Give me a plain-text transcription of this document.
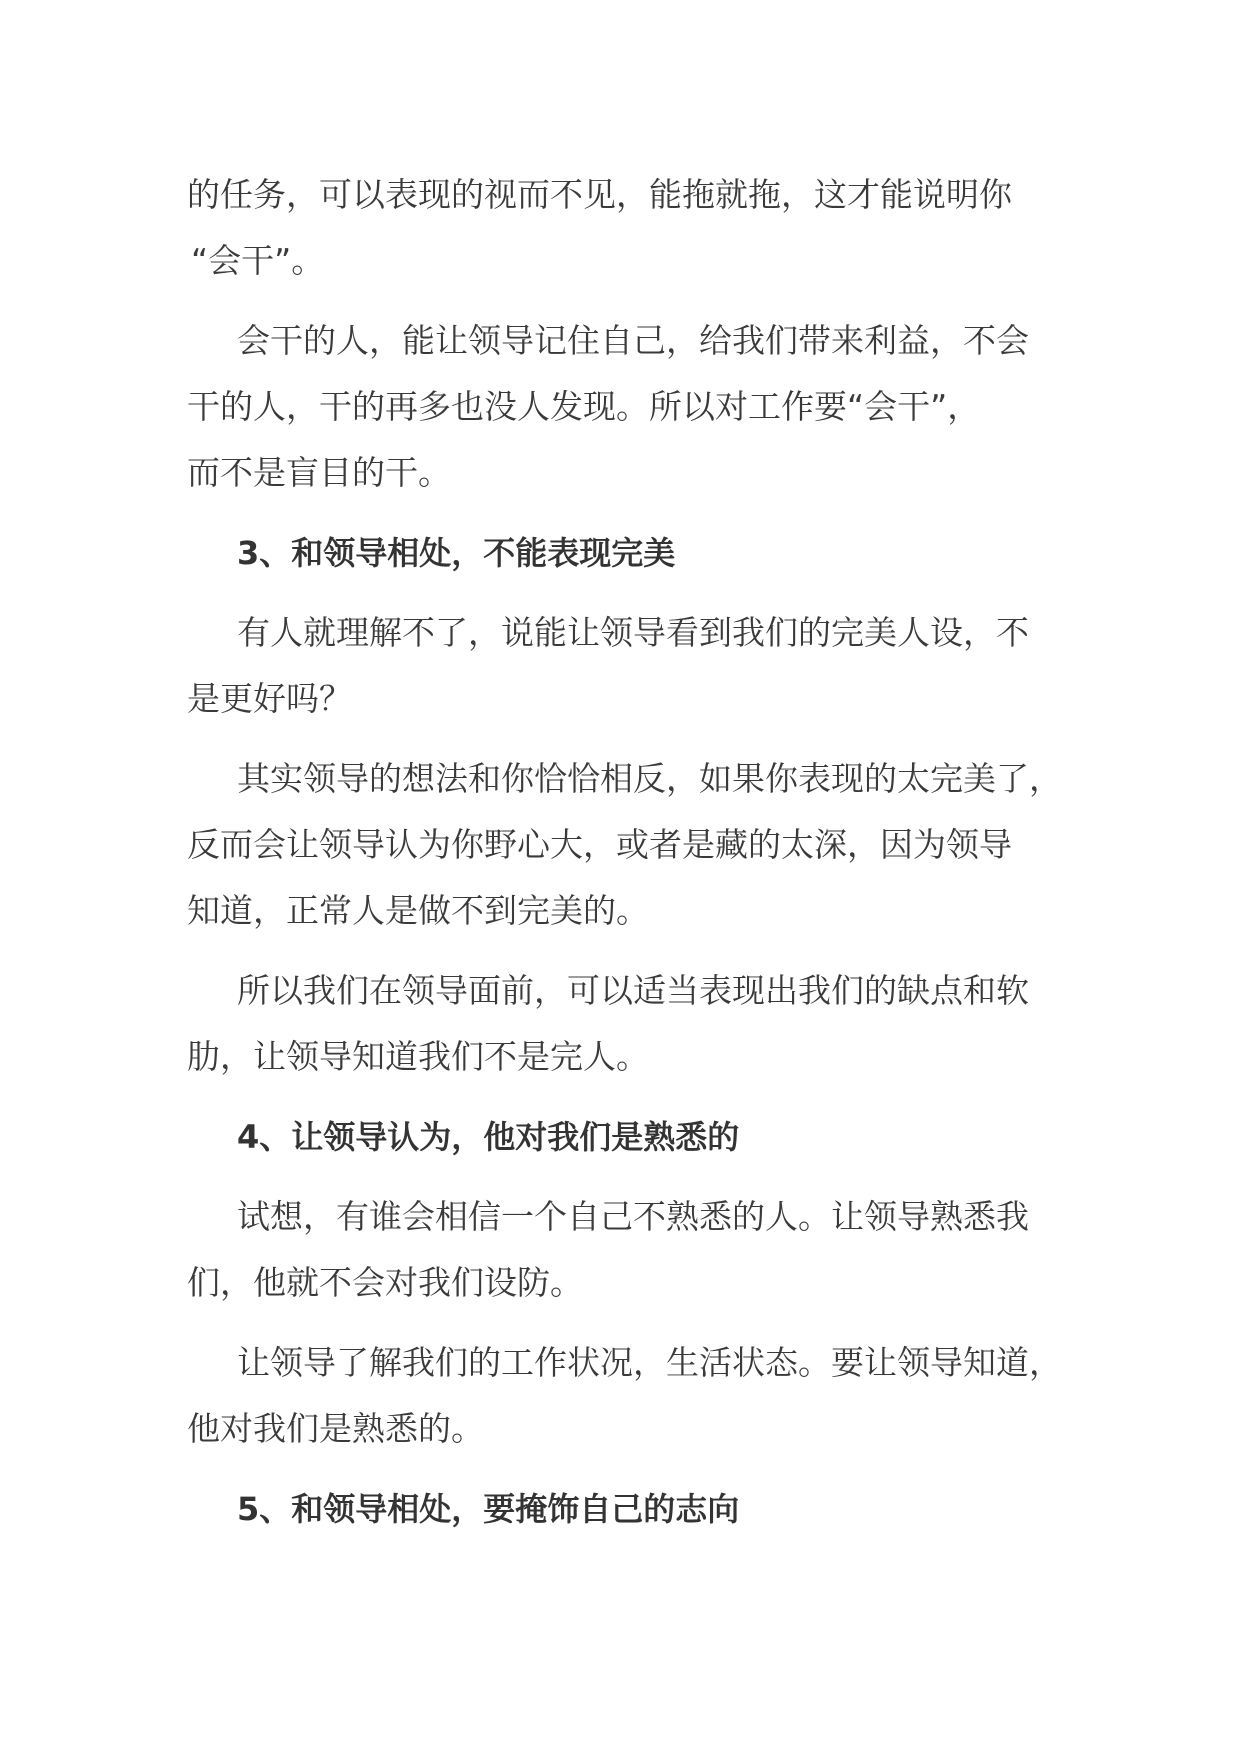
的任务，可以表现的视而不见，能拖就拖，这才能说明你
“会干”。
会干的人，能让领导记住自己，给我们带来利益，不会
干的人，干的再多也没人发现。所以对工作要“会干”，
而不是盲目的干。
3、和领导相处，不能表现完美
有人就理解不了，说能让领导看到我们的完美人设，不
是更好吗？
其实领导的想法和你恰恰相反，如果你表现的太完美了，
反而会让领导认为你野心大，或者是藏的太深，因为领导
知道，正常人是做不到完美的。
所以我们在领导面前，可以适当表现出我们的缺点和软
肋，让领导知道我们不是完人。
4、让领导认为，他对我们是熟悉的
试想，有谁会相信一个自己不熟悉的人。让领导熟悉我
们，他就不会对我们设防。
让领导了解我们的工作状况，生活状态。要让领导知道，
他对我们是熟悉的。
5、和领导相处，要掩饰自己的志向
